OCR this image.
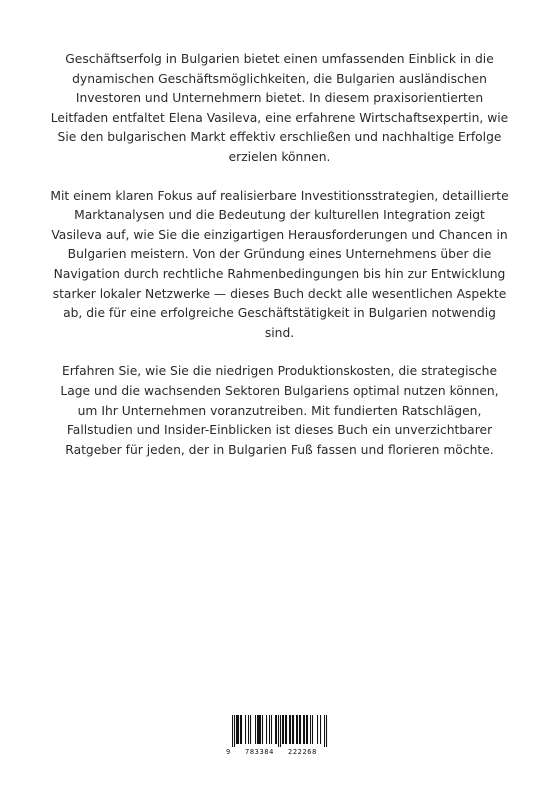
Geschäftserfolg in Bulgarien bietet einen umfassenden Einblick in die dynamischen Geschäftsmöglichkeiten, die Bulgarien ausländischen Investoren und Unternehmern bietet. In diesem praxisorientierten Leitfaden entfaltet Elena Vasileva, eine erfahrene Wirtschaftsexpertin, wie Sie den bulgarischen Markt effektiv erschließen und nachhaltige Erfolge erzielen können.

Mit einem klaren Fokus auf realisierbare Investitionsstrategien, detaillierte Marktanalysen und die Bedeutung der kulturellen Integration zeigt Vasileva auf, wie Sie die einzigartigen Herausforderungen und Chancen in Bulgarien meistern. Von der Gründung eines Unternehmens über die Navigation durch rechtliche Rahmenbedingungen bis hin zur Entwicklung starker lokaler Netzwerke — dieses Buch deckt alle wesentlichen Aspekte ab, die für eine erfolgreiche Geschäftstätigkeit in Bulgarien notwendig sind.

Erfahren Sie, wie Sie die niedrigen Produktionskosten, die strategische Lage und die wachsenden Sektoren Bulgariens optimal nutzen können, um Ihr Unternehmen voranzutreiben. Mit fundierten Ratschlägen, Fallstudien und Insider-Einblicken ist dieses Buch ein unverzichtbarer Ratgeber für jeden, der in Bulgarien Fuß fassen und florieren möchte.

9 783384 222268
